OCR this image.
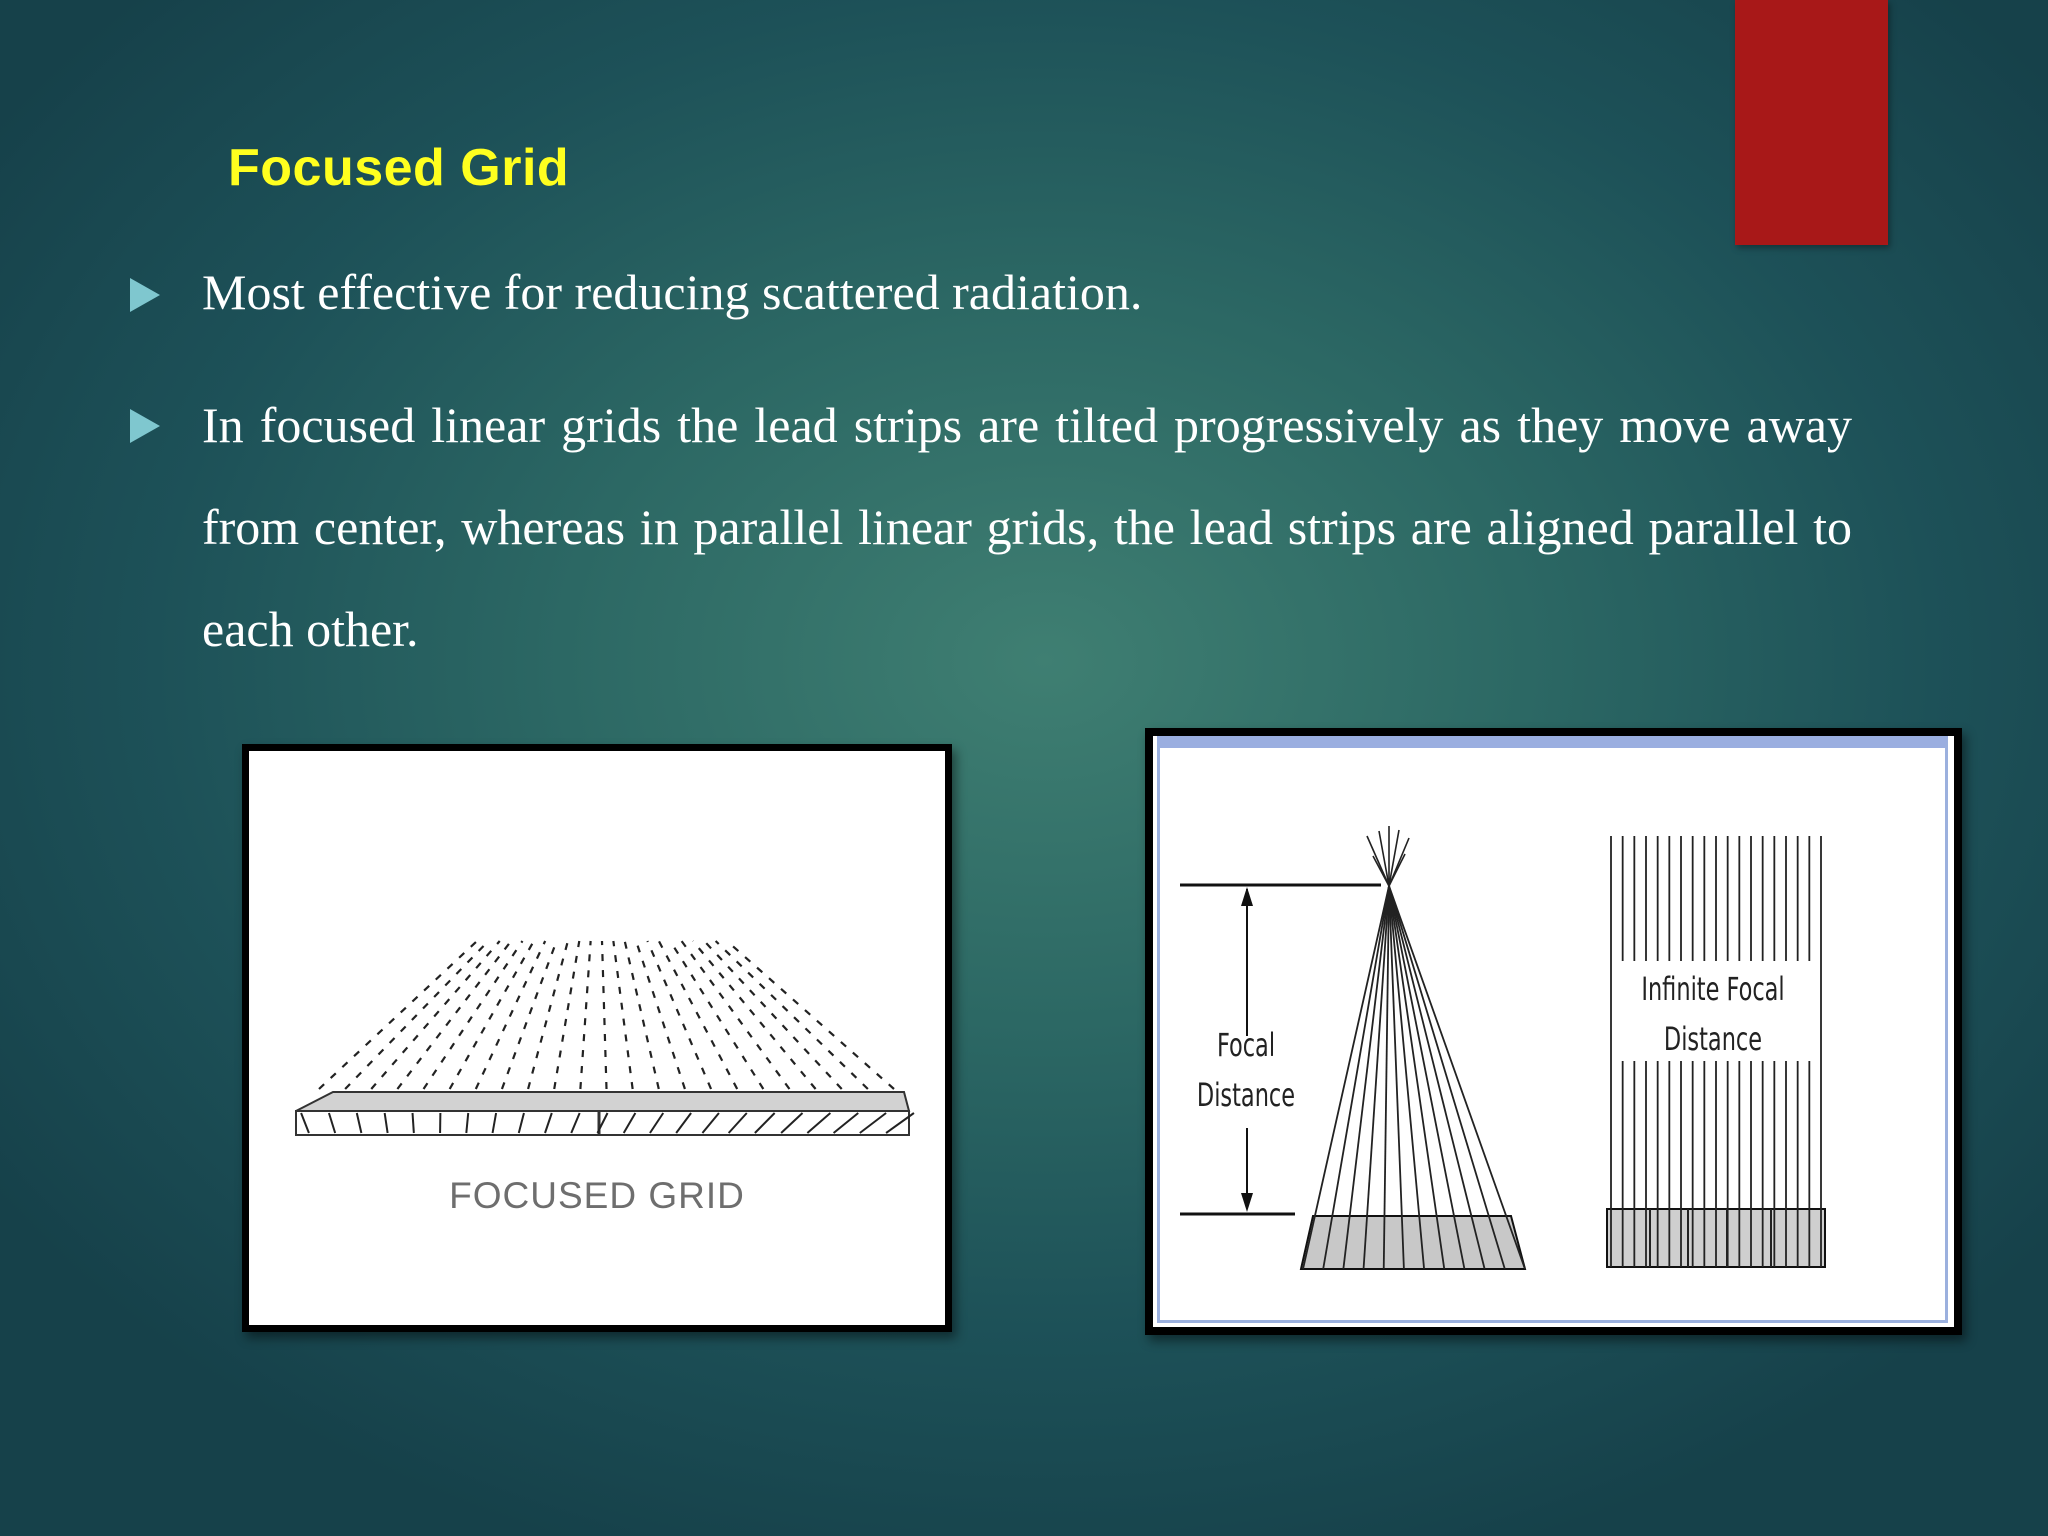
Focused Grid
Most effective for reducing scattered radiation.
In focused linear grids the lead strips are tilted progressively as they move away from center, whereas in parallel linear grids, the lead strips are aligned parallel to each other.
FOCUSED GRID
Focal
Distance
Infinite Focal
Distance
